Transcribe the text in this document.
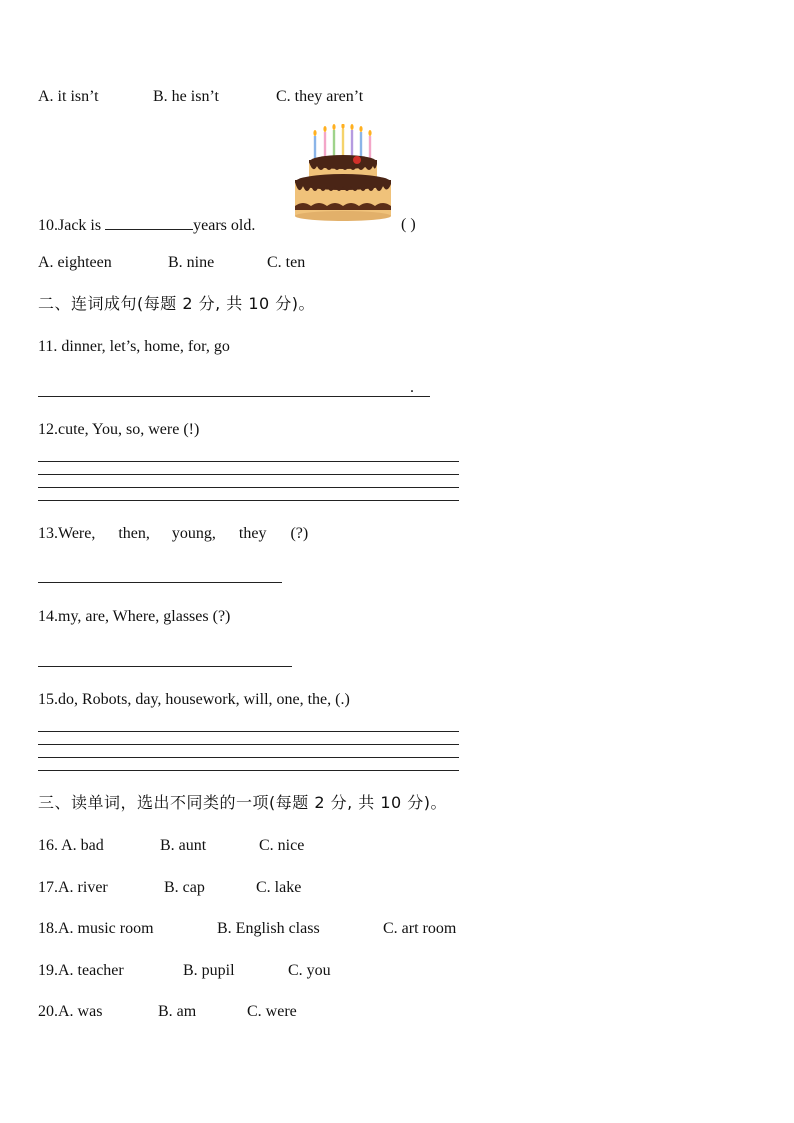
A. it isn’t	B. he isn’t	C. they aren’t
10.Jack is	years old.	( )
A. eighteen	B. nine	C. ten
二、连词成句(每题 2 分, 共 10 分)。
11. dinner, let’s, home, for, go
.
12.cute, You, so, were (!)
13.Were, then, young, they (?)
14.my, are, Where, glasses (?)
15.do, Robots, day, housework, will, one, the, (.)
三、读单词，选出不同类的一项(每题 2 分, 共 10 分)。
16. A. bad	B. aunt	C. nice
17.A. river	B. cap	C. lake
18.A. music room	B. English class	C. art room
19.A. teacher	B. pupil	C. you
20.A. was	B. am	C. were
